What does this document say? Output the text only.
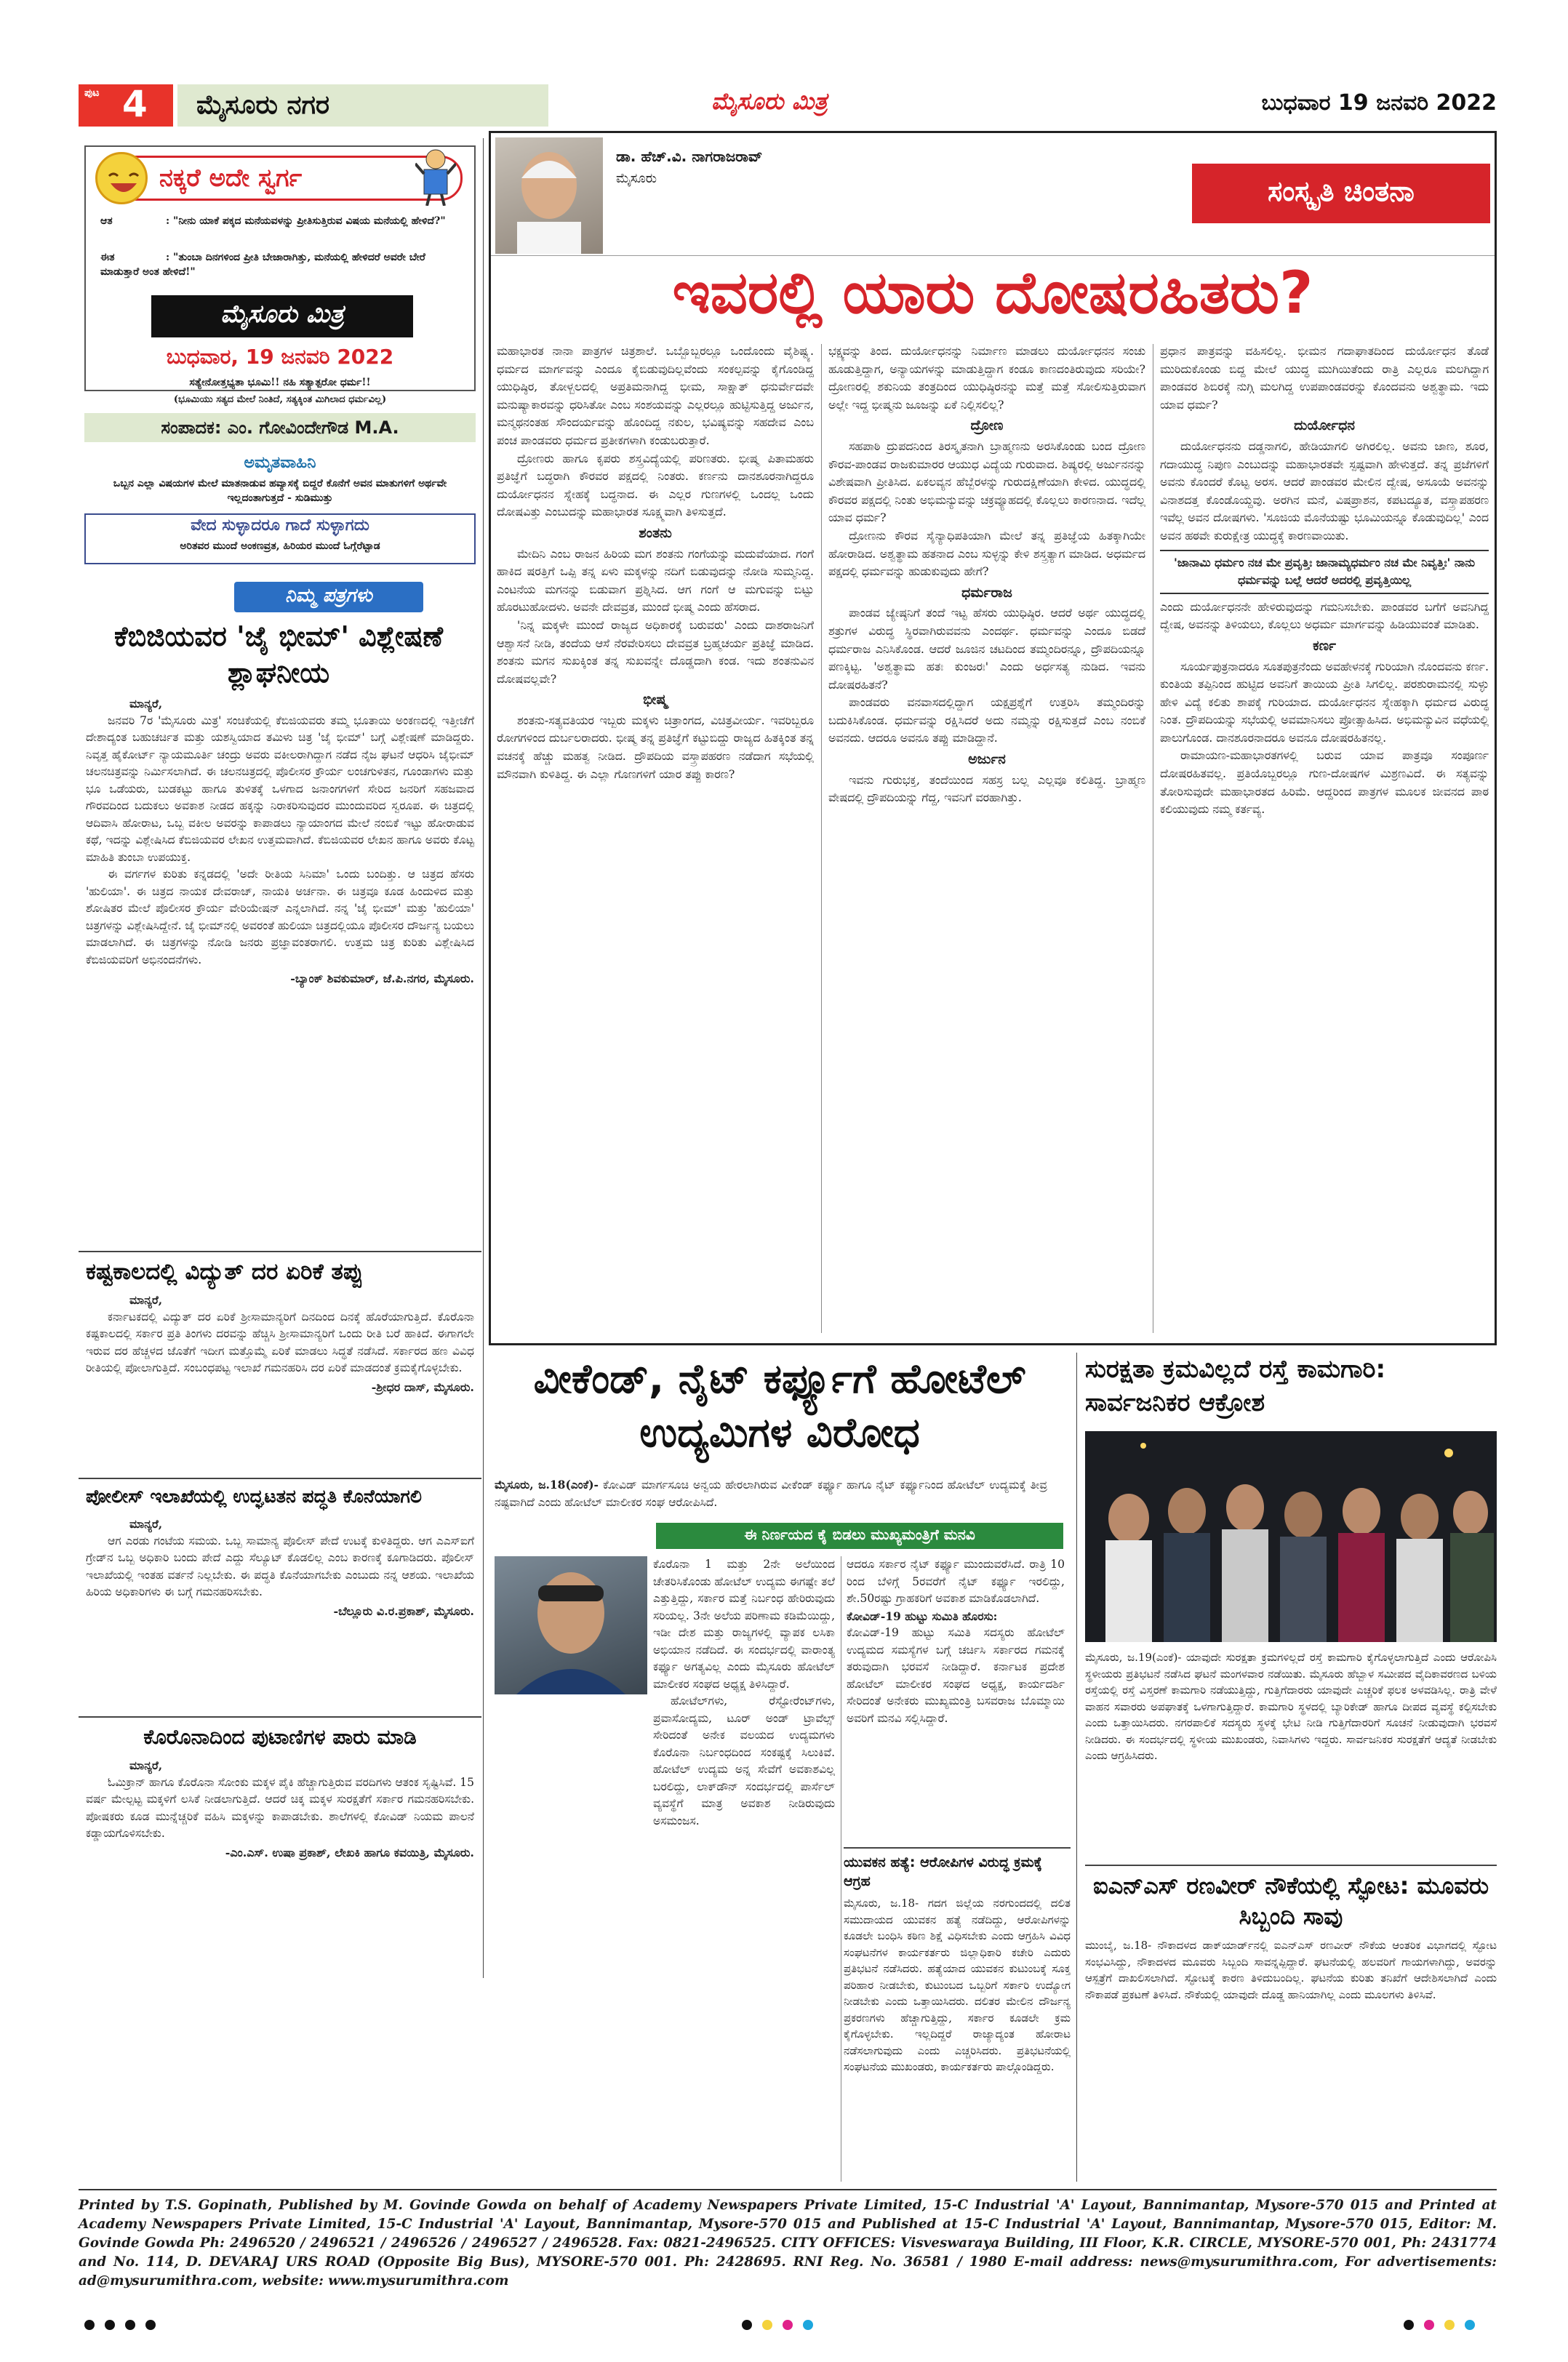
ಪುಟ 4 ಮೈಸೂರು ನಗರ	ಮೈಸೂರು ಮಿತ್ರ	ಬುಧವಾರ 19 ಜನವರಿ 2022
ನಕ್ಕರೆ ಅದೇ ಸ್ವರ್ಗ
ಆತ	: "ನೀನು ಯಾಕೆ ಪಕ್ಕದ ಮನೆಯವಳನ್ನು ಪ್ರೀತಿಸುತ್ತಿರುವ ವಿಷಯ ಮನೆಯಲ್ಲಿ ಹೇಳಿದೆ?"
ಈತ	: "ತುಂಬಾ ದಿನಗಳಿಂದ ಪ್ರೀತಿ ಬೇಜಾರಾಗಿತ್ತು, ಮನೆಯಲ್ಲಿ ಹೇಳಿದರೆ ಅವರೇ ಬೇರೆ ಮಾಡುತ್ತಾರೆ ಅಂತ ಹೇಳಿದೆ!"
ಮೈಸೂರು ಮಿತ್ರ
ಬುಧವಾರ, 19 ಜನವರಿ 2022
ಸತ್ಯೇನೋತ್ತಭ್ಯತಾ ಭೂಮಿ!! ನಹಿ ಸತ್ಯಾತ್ಪರೋ ಧರ್ಮ!!
(ಭೂಮಿಯು ಸತ್ಯದ ಮೇಲೆ ನಿಂತಿದೆ, ಸತ್ಯಕ್ಕಿಂತ ಮಿಗಿಲಾದ ಧರ್ಮವಿಲ್ಲ)
ಸಂಪಾದಕ: ಎಂ. ಗೋವಿಂದೇಗೌಡ M.A.
ಅಮೃತವಾಹಿನಿ
ಒಬ್ಬನ ಎಲ್ಲಾ ವಿಷಯಗಳ ಮೇಲೆ ಮಾತನಾಡುವ ಹವ್ಯಾಸಕ್ಕೆ ಬಿದ್ದರೆ ಕೊನೆಗೆ ಅವನ ಮಾತುಗಳಿಗೆ ಅರ್ಥವೇ ಇಲ್ಲದಂತಾಗುತ್ತದೆ - ಸುಡಿಮುತ್ತು
ವೇದ ಸುಳ್ಳಾದರೂ ಗಾದೆ ಸುಳ್ಳಾಗದು
ಅರಿತವರ ಮುಂದೆ ಅಂಕಣವ್ರತ, ಹಿರಿಯರ ಮುಂದೆ ಓಗ್ಗೆರೆಟ್ಟಾಡ
ನಿಮ್ಮ ಪತ್ರಗಳು
ಕೆಬಿಜಿಯವರ 'ಜೈ ಭೀಮ್' ವಿಶ್ಲೇಷಣೆ ಶ್ಲಾಘನೀಯ
ಮಾನ್ಯರೆ,
ಜನವರಿ 7ರ 'ಮೈಸೂರು ಮಿತ್ರ' ಸಂಚಿಕೆಯಲ್ಲಿ ಕೆಬಿಜಿಯವರು ತಮ್ಮ ಭೂತಾಯಿ ಅಂಕಣದಲ್ಲಿ ಇತ್ತೀಚೆಗೆ ದೇಶಾದ್ಯಂತ ಬಹುಚರ್ಚಿತ ಮತ್ತು ಯಶಸ್ವಿಯಾದ ತಮಿಳು ಚಿತ್ರ 'ಜೈ ಭೀಮ್' ಬಗ್ಗೆ ವಿಶ್ಲೇಷಣೆ ಮಾಡಿದ್ದರು. ನಿವೃತ್ತ ಹೈಕೋರ್ಟ್ ನ್ಯಾಯಮೂರ್ತಿ ಚಂದ್ರು ಅವರು ವಕೀಲರಾಗಿದ್ದಾಗ ನಡೆದ ನೈಜ ಘಟನೆ ಆಧರಿಸಿ ಜೈಭೀಮ್ ಚಲನಚಿತ್ರವನ್ನು ನಿರ್ಮಿಸಲಾಗಿದೆ. ಈ ಚಲನಚಿತ್ರದಲ್ಲಿ ಪೊಲೀಸರ ಕ್ರೌರ್ಯ ಲಂಚಗುಳಿತನ, ಗೂಂಡಾಗಳು ಮತ್ತು ಭೂ ಒಡೆಯರು, ಬುಡಕಟ್ಟು ಹಾಗೂ ತುಳಿತಕ್ಕೆ ಒಳಗಾದ ಜನಾಂಗಗಳಿಗೆ ಸೇರಿದ ಜನರಿಗೆ ಸಹಜವಾದ ಗೌರವದಿಂದ ಬದುಕಲು ಅವಕಾಶ ನೀಡದ ಹಕ್ಕನ್ನು ನಿರಾಕರಿಸುವುದರ ಮುಂದುವರಿದ ಸ್ವರೂಪ. ಈ ಚಿತ್ರದಲ್ಲಿ ಆದಿವಾಸಿ ಹೋರಾಟ, ಒಬ್ಬ ವಕೀಲ ಅವರನ್ನು ಕಾಪಾಡಲು ನ್ಯಾಯಾಂಗದ ಮೇಲೆ ನಂಬಿಕೆ ಇಟ್ಟು ಹೋರಾಡುವ ಕಥೆ, ಇದನ್ನು ವಿಶ್ಲೇಷಿಸಿದ ಕೆಬಿಜಿಯವರ ಲೇಖನ ಉತ್ತಮವಾಗಿದೆ. ಕೆಬಿಜಿಯವರ ಲೇಖನ ಹಾಗೂ ಅವರು ಕೊಟ್ಟ ಮಾಹಿತಿ ತುಂಬಾ ಉಪಯುಕ್ತ.
ಈ ವರ್ಗಗಳ ಕುರಿತು ಕನ್ನಡದಲ್ಲಿ 'ಅದೇ ರೀತಿಯ ಸಿನಿಮಾ' ಒಂದು ಬಂದಿತ್ತು. ಆ ಚಿತ್ರದ ಹೆಸರು 'ಹುಲಿಯಾ'. ಈ ಚಿತ್ರದ ನಾಯಕ ದೇವರಾಜ್, ನಾಯಕಿ ಅರ್ಚನಾ. ಈ ಚಿತ್ರವೂ ಕೂಡ ಹಿಂದುಳಿದ ಮತ್ತು ಶೋಷಿತರ ಮೇಲೆ ಪೊಲೀಸರ ಕ್ರೌರ್ಯ ವೇರಿಯೇಷನ್ ಎನ್ನಲಾಗಿದೆ. ನನ್ನ 'ಜೈ ಭೀಮ್' ಮತ್ತು 'ಹುಲಿಯಾ' ಚಿತ್ರಗಳನ್ನು ವಿಶ್ಲೇಷಿಸಿದ್ದೇನೆ. ಜೈ ಭೀಮ್‌ನಲ್ಲಿ ಅವರಂತೆ ಹುಲಿಯಾ ಚಿತ್ರದಲ್ಲಿಯೂ ಪೊಲೀಸರ ದೌರ್ಜನ್ಯ ಬಯಲು ಮಾಡಲಾಗಿದೆ. ಈ ಚಿತ್ರಗಳನ್ನು ನೋಡಿ ಜನರು ಪ್ರಜ್ಞಾವಂತರಾಗಲಿ. ಉತ್ತಮ ಚಿತ್ರ ಕುರಿತು ವಿಶ್ಲೇಷಿಸಿದ ಕೆಬಿಜಿಯವರಿಗೆ ಅಭಿನಂದನೆಗಳು.
-ಬ್ಯಾಂಕ್ ಶಿವಕುಮಾರ್, ಜೆ.ಪಿ.ನಗರ, ಮೈಸೂರು.
ಕಷ್ಟಕಾಲದಲ್ಲಿ ವಿದ್ಯುತ್ ದರ ಏರಿಕೆ ತಪ್ಪು
ಮಾನ್ಯರೆ,
ಕರ್ನಾಟಕದಲ್ಲಿ ವಿದ್ಯುತ್ ದರ ಏರಿಕೆ ಶ್ರೀಸಾಮಾನ್ಯರಿಗೆ ದಿನದಿಂದ ದಿನಕ್ಕೆ ಹೊರೆಯಾಗುತ್ತಿದೆ. ಕೊರೊನಾ ಕಷ್ಟಕಾಲದಲ್ಲಿ ಸರ್ಕಾರ ಪ್ರತಿ ತಿಂಗಳು ದರವನ್ನು ಹೆಚ್ಚಿಸಿ ಶ್ರೀಸಾಮಾನ್ಯರಿಗೆ ಒಂದು ರೀತಿ ಬರೆ ಹಾಕಿದೆ. ಈಗಾಗಲೇ ಇರುವ ದರ ಹೆಚ್ಚಳದ ಜೊತೆಗೆ ಇದೀಗ ಮತ್ತೊಮ್ಮೆ ಏರಿಕೆ ಮಾಡಲು ಸಿದ್ಧತೆ ನಡೆಸಿದೆ. ಸರ್ಕಾರದ ಹಣ ವಿವಿಧ ರೀತಿಯಲ್ಲಿ ಪೋಲಾಗುತ್ತಿದೆ. ಸಂಬಂಧಪಟ್ಟ ಇಲಾಖೆ ಗಮನಹರಿಸಿ ದರ ಏರಿಕೆ ಮಾಡದಂತೆ ಕ್ರಮಕೈಗೊಳ್ಳಬೇಕು.
-ಶ್ರೀಧರ ದಾಸ್, ಮೈಸೂರು.
ಪೋಲೀಸ್ ಇಲಾಖೆಯಲ್ಲಿ ಉದ್ಘಟತನ ಪದ್ಧತಿ ಕೊನೆಯಾಗಲಿ
ಮಾನ್ಯರೆ,
ಆಗ ಎರಡು ಗಂಟೆಯ ಸಮಯ. ಒಬ್ಬ ಸಾಮಾನ್ಯ ಪೊಲೀಸ್ ಪೇದೆ ಉಟಕ್ಕೆ ಕುಳಿತಿದ್ದರು. ಆಗ ಎಎಸ್‌ಐಗೆ ಗ್ರೇಡ್‌ನ ಒಬ್ಬ ಅಧಿಕಾರಿ ಬಂದು ಪೇದೆ ಎದ್ದು ಸೆಲ್ಯೂಟ್ ಕೊಡಲಿಲ್ಲ ಎಂಬ ಕಾರಣಕ್ಕೆ ಕೂಗಾಡಿದರು. ಪೊಲೀಸ್ ಇಲಾಖೆಯಲ್ಲಿ ಇಂತಹ ವರ್ತನೆ ನಿಲ್ಲಬೇಕು. ಈ ಪದ್ಧತಿ ಕೊನೆಯಾಗಬೇಕು ಎಂಬುದು ನನ್ನ ಆಶಯ. ಇಲಾಖೆಯ ಹಿರಿಯ ಅಧಿಕಾರಿಗಳು ಈ ಬಗ್ಗೆ ಗಮನಹರಿಸಬೇಕು.
-ಬೆಲ್ಲೂರು ವಿ.ರ.ಪ್ರಕಾಶ್, ಮೈಸೂರು.
ಕೊರೊನಾದಿಂದ ಪುಟಾಣಿಗಳ ಪಾರು ಮಾಡಿ
ಮಾನ್ಯರೆ,
ಓಮಿಕ್ರಾನ್ ಹಾಗೂ ಕೊರೊನಾ ಸೋಂಕು ಮಕ್ಕಳ ಪೈಕಿ ಹೆಚ್ಚಾಗುತ್ತಿರುವ ವರದಿಗಳು ಆತಂಕ ಸೃಷ್ಟಿಸಿವೆ. 15 ವರ್ಷ ಮೇಲ್ಪಟ್ಟ ಮಕ್ಕಳಿಗೆ ಲಸಿಕೆ ನೀಡಲಾಗುತ್ತಿದೆ. ಆದರೆ ಚಿಕ್ಕ ಮಕ್ಕಳ ಸುರಕ್ಷತೆಗೆ ಸರ್ಕಾರ ಗಮನಹರಿಸಬೇಕು. ಪೋಷಕರು ಕೂಡ ಮುನ್ನೆಚ್ಚರಿಕೆ ವಹಿಸಿ ಮಕ್ಕಳನ್ನು ಕಾಪಾಡಬೇಕು. ಶಾಲೆಗಳಲ್ಲಿ ಕೋವಿಡ್ ನಿಯಮ ಪಾಲನೆ ಕಡ್ಡಾಯಗೊಳಿಸಬೇಕು.
-ಎಂ.ಎಸ್. ಉಷಾ ಪ್ರಕಾಶ್, ಲೇಖಕಿ ಹಾಗೂ ಕವಯಿತ್ರಿ, ಮೈಸೂರು.
ಡಾ. ಹೆಚ್.ವಿ. ನಾಗರಾಜರಾವ್
ಮೈಸೂರು	ಸಂಸ್ಕೃತಿ ಚಿಂತನಾ
ಇವರಲ್ಲಿ ಯಾರು ದೋಷರಹಿತರು?
ಮಹಾಭಾರತ ನಾನಾ ಪಾತ್ರಗಳ ಚಿತ್ರಶಾಲೆ. ಒಬ್ಬೊಬ್ಬರಲ್ಲೂ ಒಂದೊಂದು ವೈಶಿಷ್ಟ್ಯ. ಧರ್ಮದ ಮಾರ್ಗವನ್ನು ಎಂದೂ ಕೈಬಿಡುವುದಿಲ್ಲವೆಂದು ಸಂಕಲ್ಪವನ್ನು ಕೈಗೊಂಡಿದ್ದ ಯುಧಿಷ್ಠಿರ, ತೋಳ್ಬಲದಲ್ಲಿ ಅಪ್ರತಿಮನಾಗಿದ್ದ ಭೀಮ, ಸಾಕ್ಷಾತ್ ಧನುರ್ವೇದವೇ ಮನುಷ್ಯಾಕಾರವನ್ನು ಧರಿಸಿತೋ ಎಂಬ ಸಂಶಯವನ್ನು ಎಲ್ಲರಲ್ಲೂ ಹುಟ್ಟಿಸುತ್ತಿದ್ದ ಅರ್ಜುನ, ಮನ್ಮಥನಂತಹ ಸೌಂದರ್ಯವನ್ನು ಹೊಂದಿದ್ದ ನಕುಲ, ಭವಿಷ್ಯವನ್ನು ಸಹದೇವ ಎಂಬ ಪಂಚ ಪಾಂಡವರು ಧರ್ಮದ ಪ್ರತೀಕಗಳಾಗಿ ಕಂಡುಬರುತ್ತಾರೆ.
ದ್ರೋಣರು ಹಾಗೂ ಕೃಪರು ಶಸ್ತ್ರವಿದ್ಯೆಯಲ್ಲಿ ಪರಿಣತರು. ಭೀಷ್ಮ ಪಿತಾಮಹರು ಪ್ರತಿಜ್ಞೆಗೆ ಬದ್ಧರಾಗಿ ಕೌರವರ ಪಕ್ಷದಲ್ಲಿ ನಿಂತರು. ಕರ್ಣನು ದಾನಶೂರನಾಗಿದ್ದರೂ ದುರ್ಯೋಧನನ ಸ್ನೇಹಕ್ಕೆ ಬದ್ಧನಾದ. ಈ ಎಲ್ಲರ ಗುಣಗಳಲ್ಲಿ ಒಂದಲ್ಲ ಒಂದು ದೋಷವಿತ್ತು ಎಂಬುದನ್ನು ಮಹಾಭಾರತ ಸೂಕ್ಷ್ಮವಾಗಿ ತಿಳಿಸುತ್ತದೆ.
ಶಂತನು
ಮೇದಿನಿ ಎಂಬ ರಾಜನ ಹಿರಿಯ ಮಗ ಶಂತನು ಗಂಗೆಯನ್ನು ಮದುವೆಯಾದ. ಗಂಗೆ ಹಾಕಿದ ಷರತ್ತಿಗೆ ಒಪ್ಪಿ ತನ್ನ ಏಳು ಮಕ್ಕಳನ್ನು ನದಿಗೆ ಬಿಡುವುದನ್ನು ನೋಡಿ ಸುಮ್ಮನಿದ್ದ. ಎಂಟನೆಯ ಮಗನನ್ನು ಬಿಡುವಾಗ ಪ್ರಶ್ನಿಸಿದ. ಆಗ ಗಂಗೆ ಆ ಮಗುವನ್ನು ಬಿಟ್ಟು ಹೊರಟುಹೋದಳು. ಅವನೇ ದೇವವ್ರತ, ಮುಂದೆ ಭೀಷ್ಮ ಎಂದು ಹೆಸರಾದ.
'ನಿನ್ನ ಮಕ್ಕಳೇ ಮುಂದೆ ರಾಜ್ಯದ ಅಧಿಕಾರಕ್ಕೆ ಬರುವರು' ಎಂದು ದಾಶರಾಜನಿಗೆ ಆಶ್ವಾಸನೆ ನೀಡಿ, ತಂದೆಯ ಆಸೆ ನೆರವೇರಿಸಲು ದೇವವ್ರತ ಬ್ರಹ್ಮಚರ್ಯ ಪ್ರತಿಜ್ಞೆ ಮಾಡಿದ. ಶಂತನು ಮಗನ ಸುಖಕ್ಕಿಂತ ತನ್ನ ಸುಖವನ್ನೇ ದೊಡ್ಡದಾಗಿ ಕಂಡ. ಇದು ಶಂತನುವಿನ ದೋಷವಲ್ಲವೇ?
ಭೀಷ್ಮ
ಶಂತನು-ಸತ್ಯವತಿಯರ ಇಬ್ಬರು ಮಕ್ಕಳು ಚಿತ್ರಾಂಗದ, ವಿಚಿತ್ರವೀರ್ಯ. ಇವರಿಬ್ಬರೂ ರೋಗಗಳಿಂದ ದುರ್ಬಲರಾದರು. ಭೀಷ್ಮ ತನ್ನ ಪ್ರತಿಜ್ಞೆಗೆ ಕಟ್ಟುಬಿದ್ದು ರಾಜ್ಯದ ಹಿತಕ್ಕಿಂತ ತನ್ನ ವಚನಕ್ಕೆ ಹೆಚ್ಚು ಮಹತ್ವ ನೀಡಿದ. ದ್ರೌಪದಿಯ ವಸ್ತ್ರಾಪಹರಣ ನಡೆದಾಗ ಸಭೆಯಲ್ಲಿ ಮೌನವಾಗಿ ಕುಳಿತಿದ್ದ. ಈ ಎಲ್ಲಾ ಗೊಣಗಳಿಗೆ ಯಾರ ತಪ್ಪು ಕಾರಣ?
ಭಕ್ಷ್ಯವನ್ನು ತಿಂದ. ದುರ್ಯೋಧನನ್ನು ನಿರ್ಮಾಣ ಮಾಡಲು ದುರ್ಯೋಧನನ ಸಂಚು ಹೂಡುತ್ತಿದ್ದಾಗ, ಅನ್ಯಾಯಗಳನ್ನು ಮಾಡುತ್ತಿದ್ದಾಗ ಕಂಡೂ ಕಾಣದಂತಿರುವುದು ಸರಿಯೇ? ದ್ರೋಣರಲ್ಲಿ ಶಕುನಿಯ ತಂತ್ರದಿಂದ ಯುಧಿಷ್ಠಿರನನ್ನು ಮತ್ತೆ ಮತ್ತೆ ಸೋಲಿಸುತ್ತಿರುವಾಗ ಅಲ್ಲೇ ಇದ್ದ ಭೀಷ್ಮನು ಜೂಜನ್ನು ಏಕೆ ನಿಲ್ಲಿಸಲಿಲ್ಲ?
ದ್ರೋಣ
ಸಹಪಾಠಿ ದ್ರುಪದನಿಂದ ತಿರಸ್ಕೃತನಾಗಿ ಬ್ರಾಹ್ಮಣನು ಅರಸಿಕೊಂಡು ಬಂದ ದ್ರೋಣ ಕೌರವ-ಪಾಂಡವ ರಾಜಕುಮಾರರ ಆಯುಧ ವಿದ್ಯೆಯ ಗುರುವಾದ. ಶಿಷ್ಯರಲ್ಲಿ ಅರ್ಜುನನನ್ನು ವಿಶೇಷವಾಗಿ ಪ್ರೀತಿಸಿದ. ಏಕಲವ್ಯನ ಹೆಬ್ಬೆರಳನ್ನು ಗುರುದಕ್ಷಿಣೆಯಾಗಿ ಕೇಳಿದ. ಯುದ್ಧದಲ್ಲಿ ಕೌರವರ ಪಕ್ಷದಲ್ಲಿ ನಿಂತು ಅಭಿಮನ್ಯುವನ್ನು ಚಕ್ರವ್ಯೂಹದಲ್ಲಿ ಕೊಲ್ಲಲು ಕಾರಣನಾದ. ಇದೆಲ್ಲ ಯಾವ ಧರ್ಮ?
ದ್ರೋಣನು ಕೌರವ ಸೈನ್ಯಾಧಿಪತಿಯಾಗಿ ಮೇಲೆ ತನ್ನ ಪ್ರತಿಜ್ಞೆಯ ಹಿತಕ್ಕಾಗಿಯೇ ಹೋರಾಡಿದ. ಅಶ್ವತ್ಥಾಮ ಹತನಾದ ಎಂಬ ಸುಳ್ಳನ್ನು ಕೇಳಿ ಶಸ್ತ್ರತ್ಯಾಗ ಮಾಡಿದ. ಅಧರ್ಮದ ಪಕ್ಷದಲ್ಲಿ ಧರ್ಮವನ್ನು ಹುಡುಕುವುದು ಹೇಗೆ?
ಧರ್ಮರಾಜ
ಪಾಂಡವ ಜ್ಯೇಷ್ಠನಿಗೆ ತಂದೆ ಇಟ್ಟ ಹೆಸರು ಯುಧಿಷ್ಠಿರ. ಆದರೆ ಅರ್ಥ ಯುದ್ಧದಲ್ಲಿ ಶತ್ರುಗಳ ವಿರುದ್ಧ ಸ್ಥಿರವಾಗಿರುವವನು ಎಂದರ್ಥ. ಧರ್ಮವನ್ನು ಎಂದೂ ಬಿಡದೆ ಧರ್ಮರಾಜ ಎನಿಸಿಕೊಂಡ. ಆದರೆ ಜೂಜಿನ ಚಟದಿಂದ ತಮ್ಮಂದಿರನ್ನೂ, ದ್ರೌಪದಿಯನ್ನೂ ಪಣಕ್ಕಿಟ್ಟ. 'ಅಶ್ವತ್ಥಾಮ ಹತಃ ಕುಂಜರಃ' ಎಂದು ಅರ್ಧಸತ್ಯ ನುಡಿದ. ಇವನು ದೋಷರಹಿತನೆ?
ಪಾಂಡವರು ವನವಾಸದಲ್ಲಿದ್ದಾಗ ಯಕ್ಷಪ್ರಶ್ನೆಗೆ ಉತ್ತರಿಸಿ ತಮ್ಮಂದಿರನ್ನು ಬದುಕಿಸಿಕೊಂಡ. ಧರ್ಮವನ್ನು ರಕ್ಷಿಸಿದರೆ ಅದು ನಮ್ಮನ್ನು ರಕ್ಷಿಸುತ್ತದೆ ಎಂಬ ನಂಬಿಕೆ ಅವನದು. ಆದರೂ ಅವನೂ ತಪ್ಪು ಮಾಡಿದ್ದಾನೆ.
ಅರ್ಜುನ
ಇವನು ಗುರುಭಕ್ತ, ತಂದೆಯಿಂದ ಸಹಸ್ರ ಬಲ್ಲ ಎಲ್ಲವೂ ಕಲಿತಿದ್ದ. ಬ್ರಾಹ್ಮಣ ವೇಷದಲ್ಲಿ ದ್ರೌಪದಿಯನ್ನು ಗೆದ್ದ, ಇವನಿಗೆ ವರಹಾಗಿತ್ತು.
ಪ್ರಧಾನ ಪಾತ್ರವನ್ನು ವಹಿಸಲಿಲ್ಲ. ಭೀಮನ ಗದಾಘಾತದಿಂದ ದುರ್ಯೋಧನ ತೊಡೆ ಮುರಿದುಕೊಂಡು ಬಿದ್ದ ಮೇಲೆ ಯುದ್ಧ ಮುಗಿಯಿತೆಂದು ರಾತ್ರಿ ಎಲ್ಲರೂ ಮಲಗಿದ್ದಾಗ ಪಾಂಡವರ ಶಿಬಿರಕ್ಕೆ ನುಗ್ಗಿ ಮಲಗಿದ್ದ ಉಪಪಾಂಡವರನ್ನು ಕೊಂದವನು ಅಶ್ವತ್ಥಾಮ. ಇದು ಯಾವ ಧರ್ಮ?
ದುರ್ಯೋಧನ
ದುರ್ಯೋಧನನು ದಡ್ಡನಾಗಲಿ, ಹೇಡಿಯಾಗಲಿ ಅಗಿರಲಿಲ್ಲ. ಅವನು ಜಾಣ, ಶೂರ, ಗದಾಯುದ್ಧ ನಿಪುಣ ಎಂಬುದನ್ನು ಮಹಾಭಾರತವೇ ಸ್ಪಷ್ಟವಾಗಿ ಹೇಳುತ್ತದೆ. ತನ್ನ ಪ್ರಜೆಗಳಿಗೆ ಅವನು ಕೊಂದರೆ ಕೊಟ್ಟ ಅರಸ. ಆದರೆ ಪಾಂಡವರ ಮೇಲಿನ ದ್ವೇಷ, ಅಸೂಯೆ ಅವನನ್ನು ವಿನಾಶದತ್ತ ಕೊಂಡೊಯ್ದವು. ಅರಗಿನ ಮನೆ, ವಿಷಪ್ರಾಶನ, ಕಪಟದ್ಯೂತ, ವಸ್ತ್ರಾಪಹರಣ ಇವೆಲ್ಲ ಅವನ ದೋಷಗಳು. 'ಸೂಜಿಯ ಮೊನೆಯಷ್ಟು ಭೂಮಿಯನ್ನೂ ಕೊಡುವುದಿಲ್ಲ' ಎಂದ ಅವನ ಹಠವೇ ಕುರುಕ್ಷೇತ್ರ ಯುದ್ಧಕ್ಕೆ ಕಾರಣವಾಯಿತು.
'ಜಾನಾಮಿ ಧರ್ಮಂ ನಚ ಮೇ ಪ್ರವೃತ್ತಿಃ ಜಾನಾಮ್ಯಧರ್ಮಂ ನಚ ಮೇ ನಿವೃತ್ತಿಃ' ನಾನು ಧರ್ಮವನ್ನು ಬಲ್ಲೆ ಆದರೆ ಅದರಲ್ಲಿ ಪ್ರವೃತ್ತಿಯಿಲ್ಲ
ಎಂದು ದುರ್ಯೋಧನನೇ ಹೇಳಿರುವುದನ್ನು ಗಮನಿಸಬೇಕು. ಪಾಂಡವರ ಬಗೆಗೆ ಅವನಿಗಿದ್ದ ದ್ವೇಷ, ಅವನನ್ನು ತಿಳಿಯಲು, ಕೊಲ್ಲಲು ಅಧರ್ಮ ಮಾರ್ಗವನ್ನು ಹಿಡಿಯುವಂತೆ ಮಾಡಿತು.
ಕರ್ಣ
ಸೂರ್ಯಪುತ್ರನಾದರೂ ಸೂತಪುತ್ರನೆಂದು ಅವಹೇಳನಕ್ಕೆ ಗುರಿಯಾಗಿ ನೊಂದವನು ಕರ್ಣ. ಕುಂತಿಯ ತಪ್ಪಿನಿಂದ ಹುಟ್ಟಿದ ಅವನಿಗೆ ತಾಯಿಯ ಪ್ರೀತಿ ಸಿಗಲಿಲ್ಲ. ಪರಶುರಾಮನಲ್ಲಿ ಸುಳ್ಳು ಹೇಳಿ ವಿದ್ಯೆ ಕಲಿತು ಶಾಪಕ್ಕೆ ಗುರಿಯಾದ. ದುರ್ಯೋಧನನ ಸ್ನೇಹಕ್ಕಾಗಿ ಧರ್ಮದ ವಿರುದ್ಧ ನಿಂತ. ದ್ರೌಪದಿಯನ್ನು ಸಭೆಯಲ್ಲಿ ಅವಮಾನಿಸಲು ಪ್ರೋತ್ಸಾಹಿಸಿದ. ಅಭಿಮನ್ಯುವಿನ ವಧೆಯಲ್ಲಿ ಪಾಲುಗೊಂಡ. ದಾನಶೂರನಾದರೂ ಅವನೂ ದೋಷರಹಿತನಲ್ಲ.
ರಾಮಾಯಣ-ಮಹಾಭಾರತಗಳಲ್ಲಿ ಬರುವ ಯಾವ ಪಾತ್ರವೂ ಸಂಪೂರ್ಣ ದೋಷರಹಿತವಲ್ಲ. ಪ್ರತಿಯೊಬ್ಬರಲ್ಲೂ ಗುಣ-ದೋಷಗಳ ಮಿಶ್ರಣವಿದೆ. ಈ ಸತ್ಯವನ್ನು ತೋರಿಸುವುದೇ ಮಹಾಭಾರತದ ಹಿರಿಮೆ. ಆದ್ದರಿಂದ ಪಾತ್ರಗಳ ಮೂಲಕ ಜೀವನದ ಪಾಠ ಕಲಿಯುವುದು ನಮ್ಮ ಕರ್ತವ್ಯ.
ವೀಕೆಂಡ್, ನೈಟ್ ಕರ್ಫ್ಯೂಗೆ ಹೋಟೆಲ್ ಉದ್ಯಮಿಗಳ ವಿರೋಧ
ಮೈಸೂರು, ಜ.18(ಎಂಕೆ)- ಕೋವಿಡ್ ಮಾರ್ಗಸೂಚಿ ಅನ್ವಯ ಹೇರಲಾಗಿರುವ ವೀಕೆಂಡ್ ಕರ್ಫ್ಯೂ ಹಾಗೂ ನೈಟ್ ಕರ್ಫ್ಯೂನಿಂದ ಹೋಟೆಲ್ ಉದ್ಯಮಕ್ಕೆ ತೀವ್ರ ನಷ್ಟವಾಗಿದೆ ಎಂದು ಹೋಟೆಲ್ ಮಾಲೀಕರ ಸಂಘ ಆರೋಪಿಸಿದೆ.
ಈ ನಿರ್ಣಯದ ಕೈ ಬಿಡಲು ಮುಖ್ಯಮಂತ್ರಿಗೆ ಮನವಿ
ಕೊರೊನಾ 1 ಮತ್ತು 2ನೇ ಅಲೆಯಿಂದ ಚೇತರಿಸಿಕೊಂಡು ಹೋಟೆಲ್ ಉದ್ಯಮ ಈಗಷ್ಟೇ ತಲೆ ಎತ್ತುತ್ತಿದ್ದು, ಸರ್ಕಾರ ಮತ್ತೆ ನಿರ್ಬಂಧ ಹೇರಿರುವುದು ಸರಿಯಲ್ಲ. 3ನೇ ಅಲೆಯ ಪರಿಣಾಮ ಕಡಿಮೆಯಿದ್ದು, ಇಡೀ ದೇಶ ಮತ್ತು ರಾಜ್ಯಗಳಲ್ಲಿ ವ್ಯಾಪಕ ಲಸಿಕಾ ಅಭಿಯಾನ ನಡೆದಿದೆ. ಈ ಸಂದರ್ಭದಲ್ಲಿ ವಾರಾಂತ್ಯ ಕರ್ಫ್ಯೂ ಅಗತ್ಯವಿಲ್ಲ ಎಂದು ಮೈಸೂರು ಹೋಟೆಲ್ ಮಾಲೀಕರ ಸಂಘದ ಅಧ್ಯಕ್ಷ ತಿಳಿಸಿದ್ದಾರೆ.
ಹೋಟೆಲ್‌ಗಳು, ರೆಸ್ಟೋರೆಂಟ್‌ಗಳು, ಪ್ರವಾಸೋದ್ಯಮ, ಟೂರ್ ಅಂಡ್ ಟ್ರಾವೆಲ್ಸ್ ಸೇರಿದಂತೆ ಅನೇಕ ವಲಯದ ಉದ್ಯಮಗಳು ಕೊರೊನಾ ನಿರ್ಬಂಧದಿಂದ ಸಂಕಷ್ಟಕ್ಕೆ ಸಿಲುಕಿವೆ. ಹೋಟೆಲ್ ಉದ್ಯಮ ಅನ್ನ ಸೇವೆಗೆ ಅವಕಾಶವಿಲ್ಲ ಬರಲಿದ್ದು, ಲಾಕ್‌ಡೌನ್ ಸಂದರ್ಭದಲ್ಲಿ ಪಾರ್ಸೆಲ್ ವ್ಯವಸ್ಥೆಗೆ ಮಾತ್ರ ಅವಕಾಶ ನೀಡಿರುವುದು ಅಸಮಂಜಸ.
ಆದರೂ ಸರ್ಕಾರ ನೈಟ್ ಕರ್ಫ್ಯೂ ಮುಂದುವರೆಸಿದೆ. ರಾತ್ರಿ 10 ರಿಂದ ಬೆಳಿಗ್ಗೆ 5ರವರೆಗೆ ನೈಟ್ ಕರ್ಫ್ಯೂ ಇರಲಿದ್ದು, ಶೇ.50ರಷ್ಟು ಗ್ರಾಹಕರಿಗೆ ಅವಕಾಶ ಮಾಡಿಕೊಡಲಾಗಿದೆ.
ಕೋವಿಡ್-19 ಹುಟ್ಟು ಸುಮಿತಿ ಹೊರಸು:
ಕೋವಿಡ್-19 ಹುಟ್ಟು ಸಮಿತಿ ಸದಸ್ಯರು ಹೋಟೆಲ್ ಉದ್ಯಮದ ಸಮಸ್ಯೆಗಳ ಬಗ್ಗೆ ಚರ್ಚಿಸಿ ಸರ್ಕಾರದ ಗಮನಕ್ಕೆ ತರುವುದಾಗಿ ಭರವಸೆ ನೀಡಿದ್ದಾರೆ. ಕರ್ನಾಟಕ ಪ್ರದೇಶ ಹೋಟೆಲ್ ಮಾಲೀಕರ ಸಂಘದ ಅಧ್ಯಕ್ಷ, ಕಾರ್ಯದರ್ಶಿ ಸೇರಿದಂತೆ ಅನೇಕರು ಮುಖ್ಯಮಂತ್ರಿ ಬಸವರಾಜ ಬೊಮ್ಮಾಯಿ ಅವರಿಗೆ ಮನವಿ ಸಲ್ಲಿಸಿದ್ದಾರೆ.
ಯುವಕನ ಹತ್ಯೆ: ಆರೋಪಿಗಳ ವಿರುದ್ಧ ಕ್ರಮಕ್ಕೆ ಆಗ್ರಹ
ಮೈಸೂರು, ಜ.18- ಗದಗ ಜಿಲ್ಲೆಯ ನರಗುಂದದಲ್ಲಿ ದಲಿತ ಸಮುದಾಯದ ಯುವಕನ ಹತ್ಯೆ ನಡೆದಿದ್ದು, ಆರೋಪಿಗಳನ್ನು ಕೂಡಲೇ ಬಂಧಿಸಿ ಕಠಿಣ ಶಿಕ್ಷೆ ವಿಧಿಸಬೇಕು ಎಂದು ಆಗ್ರಹಿಸಿ ವಿವಿಧ ಸಂಘಟನೆಗಳ ಕಾರ್ಯಕರ್ತರು ಜಿಲ್ಲಾಧಿಕಾರಿ ಕಚೇರಿ ಎದುರು ಪ್ರತಿಭಟನೆ ನಡೆಸಿದರು. ಹತ್ಯೆಯಾದ ಯುವಕನ ಕುಟುಂಬಕ್ಕೆ ಸೂಕ್ತ ಪರಿಹಾರ ನೀಡಬೇಕು, ಕುಟುಂಬದ ಒಬ್ಬರಿಗೆ ಸರ್ಕಾರಿ ಉದ್ಯೋಗ ನೀಡಬೇಕು ಎಂದು ಒತ್ತಾಯಿಸಿದರು. ದಲಿತರ ಮೇಲಿನ ದೌರ್ಜನ್ಯ ಪ್ರಕರಣಗಳು ಹೆಚ್ಚಾಗುತ್ತಿದ್ದು, ಸರ್ಕಾರ ಕೂಡಲೇ ಕ್ರಮ ಕೈಗೊಳ್ಳಬೇಕು. ಇಲ್ಲದಿದ್ದರೆ ರಾಜ್ಯಾದ್ಯಂತ ಹೋರಾಟ ನಡೆಸಲಾಗುವುದು ಎಂದು ಎಚ್ಚರಿಸಿದರು. ಪ್ರತಿಭಟನೆಯಲ್ಲಿ ಸಂಘಟನೆಯ ಮುಖಂಡರು, ಕಾರ್ಯಕರ್ತರು ಪಾಲ್ಗೊಂಡಿದ್ದರು.
ಸುರಕ್ಷತಾ ಕ್ರಮವಿಲ್ಲದೆ ರಸ್ತೆ ಕಾಮಗಾರಿ: ಸಾರ್ವಜನಿಕರ ಆಕ್ರೋಶ
ಮೈಸೂರು, ಜ.19(ಎಂಕೆ)- ಯಾವುದೇ ಸುರಕ್ಷತಾ ಕ್ರಮಗಳಿಲ್ಲದೆ ರಸ್ತೆ ಕಾಮಗಾರಿ ಕೈಗೊಳ್ಳಲಾಗುತ್ತಿದೆ ಎಂದು ಆರೋಪಿಸಿ ಸ್ಥಳೀಯರು ಪ್ರತಿಭಟನೆ ನಡೆಸಿದ ಘಟನೆ ಮಂಗಳವಾರ ನಡೆಯಿತು. ಮೈಸೂರು ಹೆಬ್ಬಾಳ ಸಮೀಪದ ವೈದಿಕಾವರಣದ ಬಳಿಯ ರಸ್ತೆಯಲ್ಲಿ ರಸ್ತೆ ವಿಸ್ತರಣೆ ಕಾಮಗಾರಿ ನಡೆಯುತ್ತಿದ್ದು, ಗುತ್ತಿಗೆದಾರರು ಯಾವುದೇ ಎಚ್ಚರಿಕೆ ಫಲಕ ಅಳವಡಿಸಿಲ್ಲ. ರಾತ್ರಿ ವೇಳೆ ವಾಹನ ಸವಾರರು ಅಪಘಾತಕ್ಕೆ ಒಳಗಾಗುತ್ತಿದ್ದಾರೆ. ಕಾಮಗಾರಿ ಸ್ಥಳದಲ್ಲಿ ಬ್ಯಾರಿಕೇಡ್ ಹಾಗೂ ದೀಪದ ವ್ಯವಸ್ಥೆ ಕಲ್ಪಿಸಬೇಕು ಎಂದು ಒತ್ತಾಯಿಸಿದರು. ನಗರಪಾಲಿಕೆ ಸದಸ್ಯರು ಸ್ಥಳಕ್ಕೆ ಭೇಟಿ ನೀಡಿ ಗುತ್ತಿಗೆದಾರರಿಗೆ ಸೂಚನೆ ನೀಡುವುದಾಗಿ ಭರವಸೆ ನೀಡಿದರು. ಈ ಸಂದರ್ಭದಲ್ಲಿ ಸ್ಥಳೀಯ ಮುಖಂಡರು, ನಿವಾಸಿಗಳು ಇದ್ದರು. ಸಾರ್ವಜನಿಕರ ಸುರಕ್ಷತೆಗೆ ಆದ್ಯತೆ ನೀಡಬೇಕು ಎಂದು ಆಗ್ರಹಿಸಿದರು.
ಐಎನ್‌ಎಸ್ ರಣವೀರ್ ನೌಕೆಯಲ್ಲಿ ಸ್ಫೋಟ: ಮೂವರು ಸಿಬ್ಬಂದಿ ಸಾವು
ಮುಂಬೈ, ಜ.18- ನೌಕಾದಳದ ಡಾಕ್‌ಯಾರ್ಡ್‌ನಲ್ಲಿ ಐಎನ್‌ಎಸ್ ರಣವೀರ್ ನೌಕೆಯ ಆಂತರಿಕ ವಿಭಾಗದಲ್ಲಿ ಸ್ಫೋಟ ಸಂಭವಿಸಿದ್ದು, ನೌಕಾದಳದ ಮೂವರು ಸಿಬ್ಬಂದಿ ಸಾವನ್ನಪ್ಪಿದ್ದಾರೆ. ಘಟನೆಯಲ್ಲಿ ಹಲವರಿಗೆ ಗಾಯಗಳಾಗಿದ್ದು, ಅವರನ್ನು ಆಸ್ಪತ್ರೆಗೆ ದಾಖಲಿಸಲಾಗಿದೆ. ಸ್ಫೋಟಕ್ಕೆ ಕಾರಣ ತಿಳಿದುಬಂದಿಲ್ಲ. ಘಟನೆಯ ಕುರಿತು ತನಿಖೆಗೆ ಆದೇಶಿಸಲಾಗಿದೆ ಎಂದು ನೌಕಾಪಡೆ ಪ್ರಕಟಣೆ ತಿಳಿಸಿದೆ. ನೌಕೆಯಲ್ಲಿ ಯಾವುದೇ ದೊಡ್ಡ ಹಾನಿಯಾಗಿಲ್ಲ ಎಂದು ಮೂಲಗಳು ತಿಳಿಸಿವೆ.
Printed by T.S. Gopinath, Published by M. Govinde Gowda on behalf of Academy Newspapers Private Limited, 15-C Industrial 'A' Layout, Bannimantap, Mysore-570 015 and Printed at Academy Newspapers Private Limited, 15-C Industrial 'A' Layout, Bannimantap, Mysore-570 015 and Published at 15-C Industrial 'A' Layout, Bannimantap, Mysore-570 015, Editor: M. Govinde Gowda Ph: 2496520 / 2496521 / 2496526 / 2496527 / 2496528. Fax: 0821-2496525. CITY OFFICES: Visveswaraya Building, III Floor, K.R. CIRCLE, MYSORE-570 001, Ph: 2431774 and No. 114, D. DEVARAJ URS ROAD (Opposite Big Bus), MYSORE-570 001. Ph: 2428695. RNI Reg. No. 36581 / 1980 E-mail address: news@mysurumithra.com, For advertisements: ad@mysurumithra.com, website: www.mysurumithra.com
